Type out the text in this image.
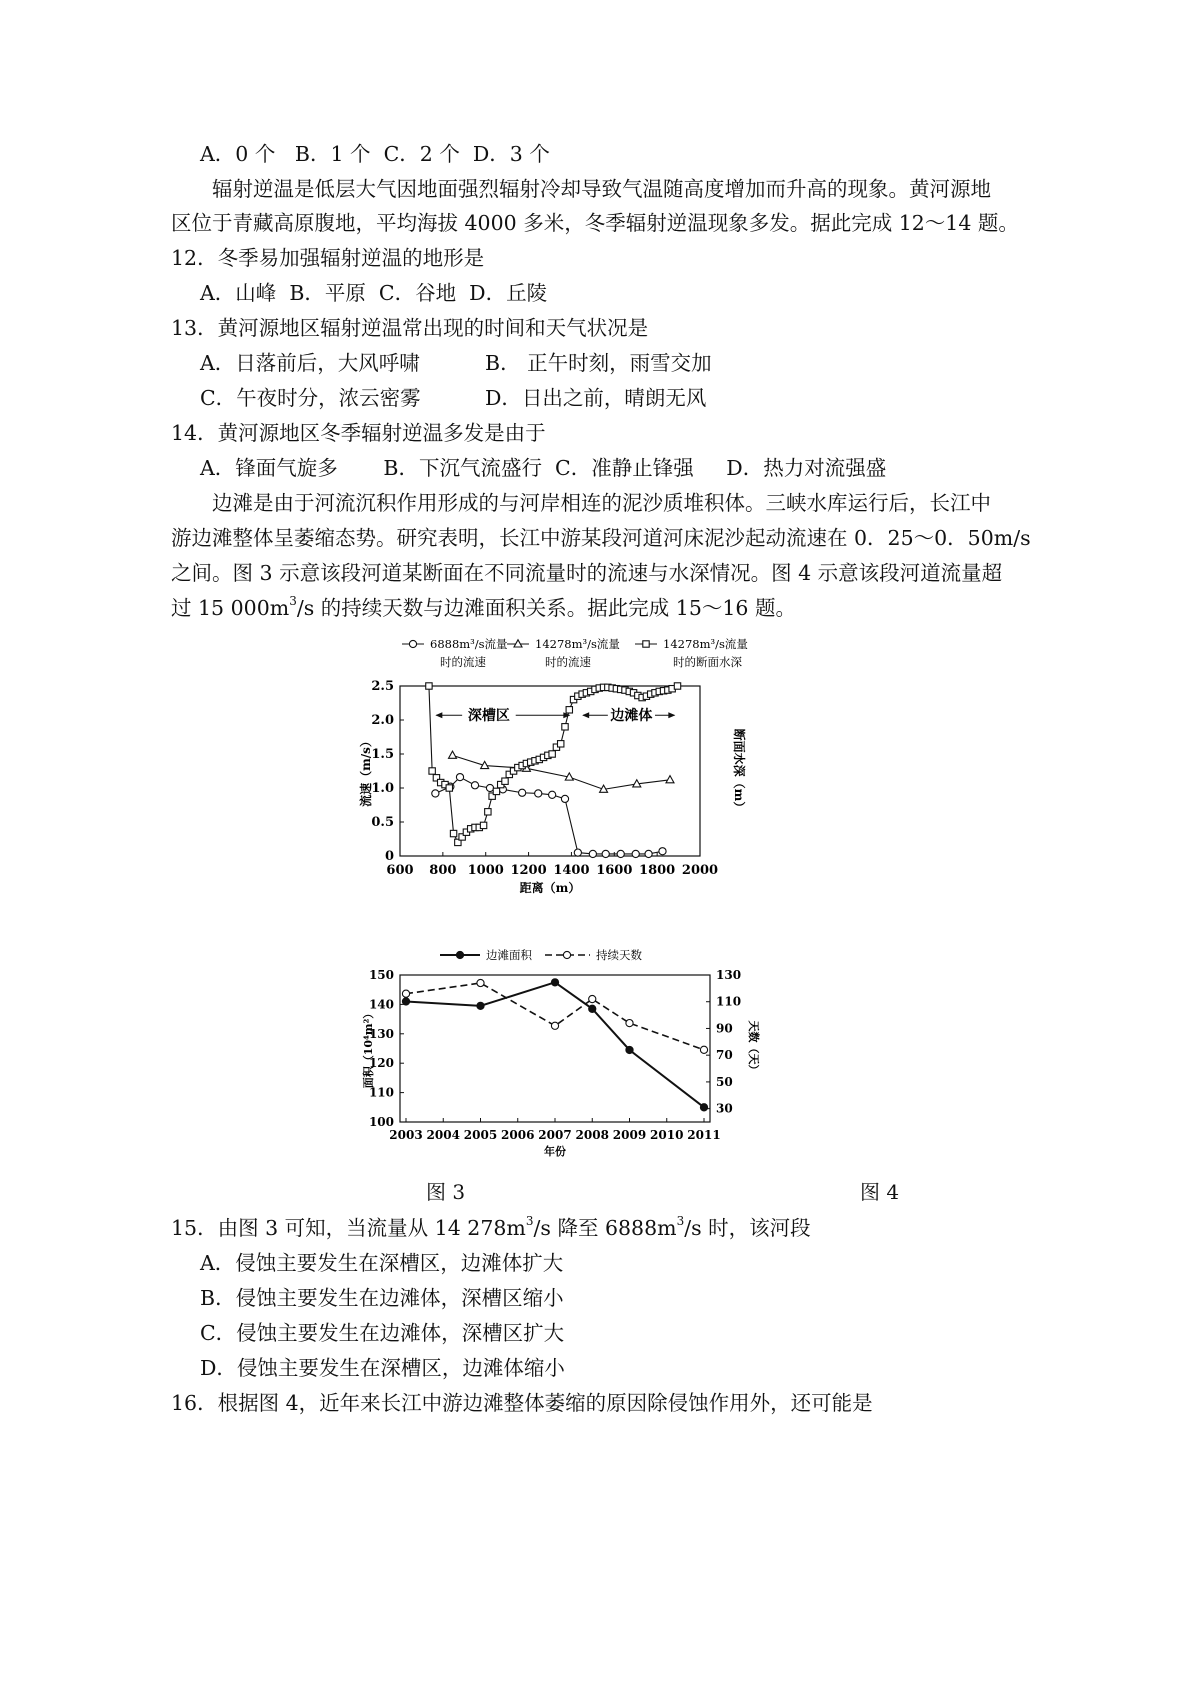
A．0 个   B．1 个  C．2 个  D．3 个
辐射逆温是低层大气因地面强烈辐射冷却导致气温随高度增加而升高的现象。黄河源地
区位于青藏高原腹地，平均海拔 4000 多米，冬季辐射逆温现象多发。据此完成 12～14 题。
12．冬季易加强辐射逆温的地形是
A．山峰  B．平原  C．谷地  D．丘陵
13．黄河源地区辐射逆温常出现的时间和天气状况是
A．日落前后，大风呼啸	B． 正午时刻，雨雪交加
C．午夜时分，浓云密雾	D．日出之前，晴朗无风
14．黄河源地区冬季辐射逆温多发是由于
A．锋面气旋多       B．下沉气流盛行  C．准静止锋强     D．热力对流强盛
边滩是由于河流沉积作用形成的与河岸相连的泥沙质堆积体。三峡水库运行后，长江中
游边滩整体呈萎缩态势。研究表明，长江中游某段河道河床泥沙起动流速在 0．25～0．50m/s
之间。图 3 示意该段河道某断面在不同流量时的流速与水深情况。图 4 示意该段河道流量超
过 15 $000m^3/s$ 的持续天数与边滩面积关系。据此完成 15～16 题。
6888m³/s流量
时的流速
14278m³/s流量
时的流速
14278m³/s流量
时的断面水深
600 800 1000 1200 1400 1600 1800 2000
0
0.5
1.0
1.5
2.0
2.5
深槽区	边滩体
流速（m/s）	断面水深（m）
距离（m）
边滩面积	持续天数
2003 2004 2005 2006 2007 2008 2009 2010 2011
100
110
120
130
140
150
30
50
70
90
110
130
面积（10⁴m²）	天数（天）
年份
图 3	图 4
15．由图 3 可知，当流量从 14 $278m^3/s$ 降至 $6888m^3/s$ 时，该河段
A．侵蚀主要发生在深槽区，边滩体扩大
B．侵蚀主要发生在边滩体，深槽区缩小
C．侵蚀主要发生在边滩体，深槽区扩大
D．侵蚀主要发生在深槽区，边滩体缩小
16．根据图 4，近年来长江中游边滩整体萎缩的原因除侵蚀作用外，还可能是
